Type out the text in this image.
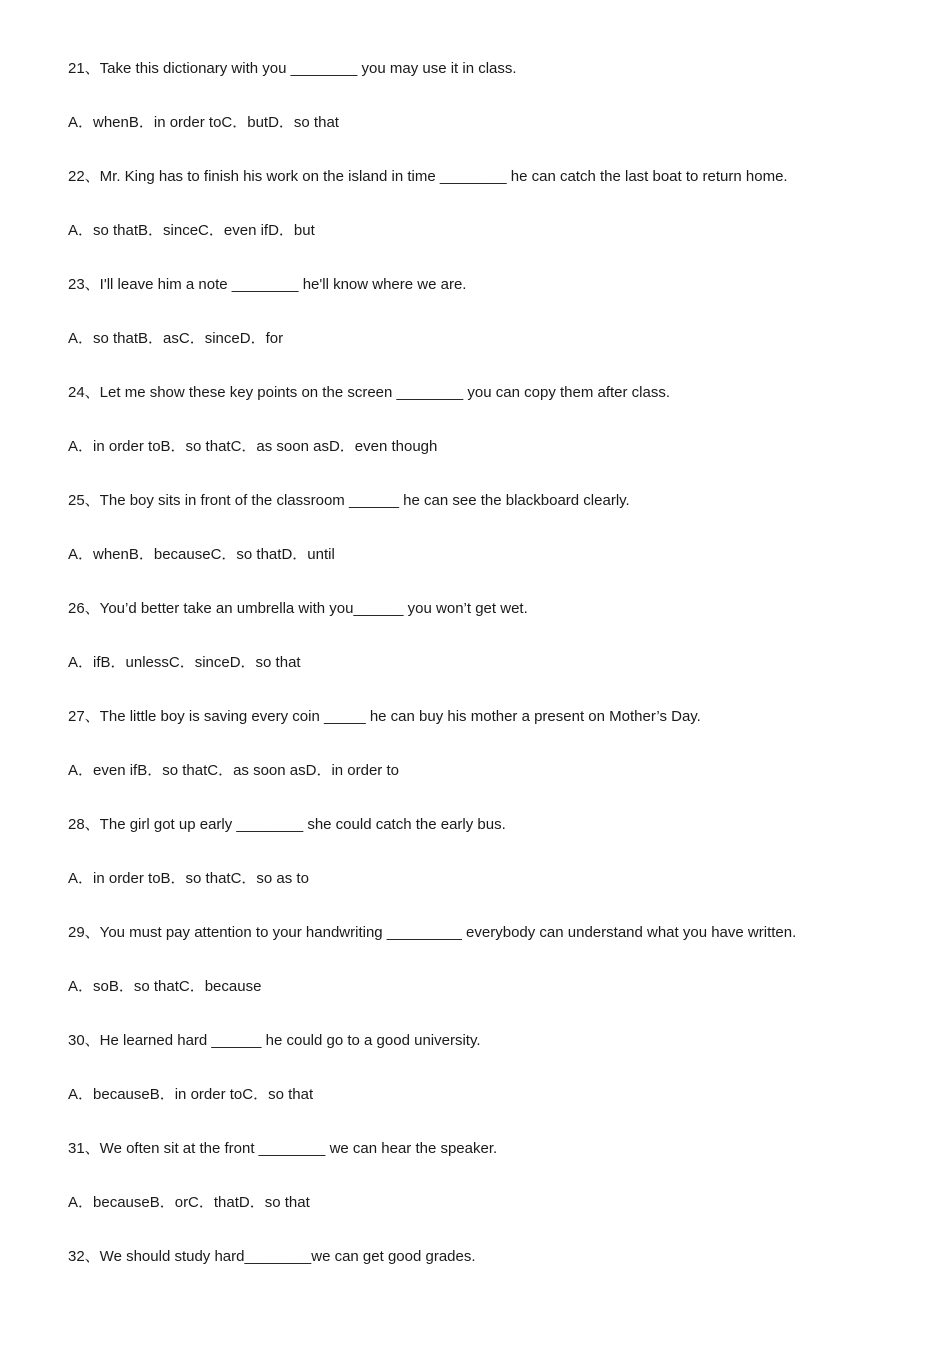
21、Take this dictionary with you ________ you may use it in class.
A．whenB．in order toC．butD．so that
22、Mr. King has to finish his work on the island in time ________ he can catch the last boat to return home.
A．so thatB．sinceC．even ifD．but
23、I'll leave him a note ________ he'll know where we are.
A．so thatB．asC．sinceD．for
24、Let me show these key points on the screen ________ you can copy them after class.
A．in order toB．so thatC．as soon asD．even though
25、The boy sits in front of the classroom ______ he can see the blackboard clearly.
A．whenB．becauseC．so thatD．until
26、You’d better take an umbrella with you______ you won’t get wet.
A．ifB．unlessC．sinceD．so that
27、The little boy is saving every coin _____ he can buy his mother a present on Mother’s Day.
A．even ifB．so thatC．as soon asD．in order to
28、The girl got up early ________ she could catch the early bus.
A．in order toB．so thatC．so as to
29、You must pay attention to your handwriting _________ everybody can understand what you have written.
A．soB．so thatC．because
30、He learned hard ______ he could go to a good university.
A．becauseB．in order toC．so that
31、We often sit at the front ________ we can hear the speaker.
A．becauseB．orC．thatD．so that
32、We should study hard________we can get good grades.
